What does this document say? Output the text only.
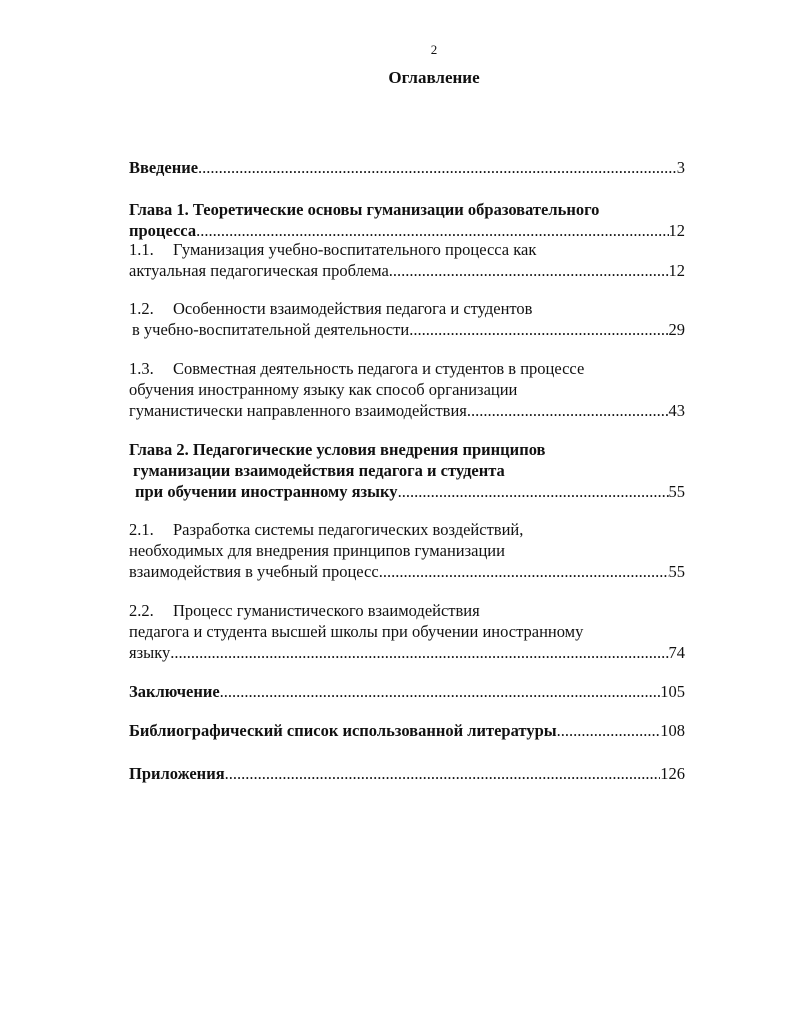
2
Оглавление
Введение .....	3
Глава 1. Теоретические основы гуманизации образовательного
процесса .....	12
1.1. Гуманизация учебно-воспитательного процесса как
актуальная педагогическая проблема .....	12
1.2. Особенности взаимодействия педагога и студентов
в учебно-воспитательной деятельности .....	29
1.3. Совместная деятельность педагога и студентов в процессе
обучения иностранному языку как способ организации
гуманистически направленного взаимодействия .....	43
Глава 2. Педагогические условия внедрения принципов
гуманизации взаимодействия педагога и студента
при обучении иностранному языку .....	55
2.1. Разработка системы педагогических воздействий,
необходимых для внедрения принципов гуманизации
взаимодействия в учебный процесс .....	55
2.2. Процесс гуманистического взаимодействия
педагога и студента высшей школы при обучении иностранному
языку .....	74
Заключение .....	105
Библиографический список использованной литературы .....	108
Приложения .....	126
